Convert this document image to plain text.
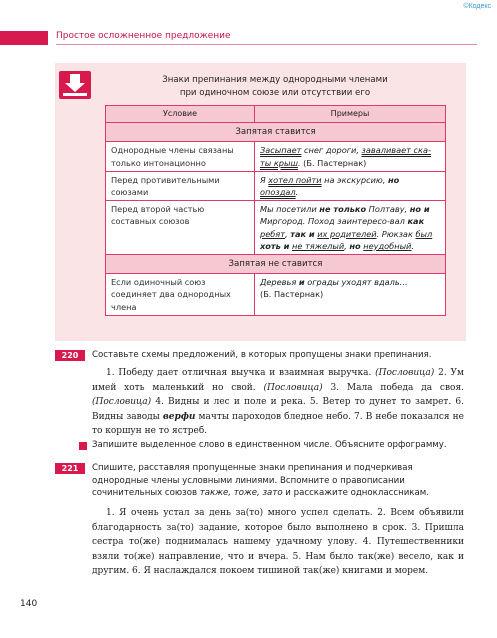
©Кодекс
Простое осложненное предложение
Знаки препинания между однородными членами
при одиночном союзе или отсутствии его
Условие	Примеры
Запятая ставится	
Однородные члены связаны только интонационно	Засыпает снег дороги, заваливает ска-ты крыш. (Б. Пастернак)
Перед противительными союзами	Я хотел пойти на экскурсию, но
опоздал.
Перед второй частью составных союзов	Мы посетили не только Полтаву, но и Миргород. Поход заинтересо-вал как ребят, так и их родителей. Рюкзак был хоть и не тяжелый, но неудобный.
Запятая не ставится	
Если одиночный союз соединяет два однородных члена	Деревья и ограды уходят вдаль…
(Б. Пастернак)
220	Составьте схемы предложений, в которых пропущены знаки препинания.

1. Победу дает отличная выучка и взаимная выручка. (Пословица) 2. Ум имей хоть маленький но свой. (Пословица) 3. Мала победа да своя. (Пословица) 4. Видны и лес и поле и река. 5. Ветер то дунет то замрет. 6. Видны заводы верфи мачты пароходов бледное небо. 7. В небе показался не то коршун не то ястреб.

Запишите выделенное слово в единственном числе. Объясните орфограмму.
221	Спишите, расставляя пропущенные знаки препинания и подчеркивая однородные члены условными линиями. Вспомните о правописании сочинительных союзов также, тоже, зато и расскажите одноклассникам.

1. Я очень устал за день за(то) много успел сделать. 2. Всем объявили благодарность за(то) задание, которое было выполнено в срок. 3. Пришла сестра то(же) поднималась нашему удачному улову. 4. Путешественники взяли то(же) направление, что и вчера. 5. Нам было так(же) весело, как и другим. 6. Я наслаждался покоем тишиной так(же) книгами и морем.

140
